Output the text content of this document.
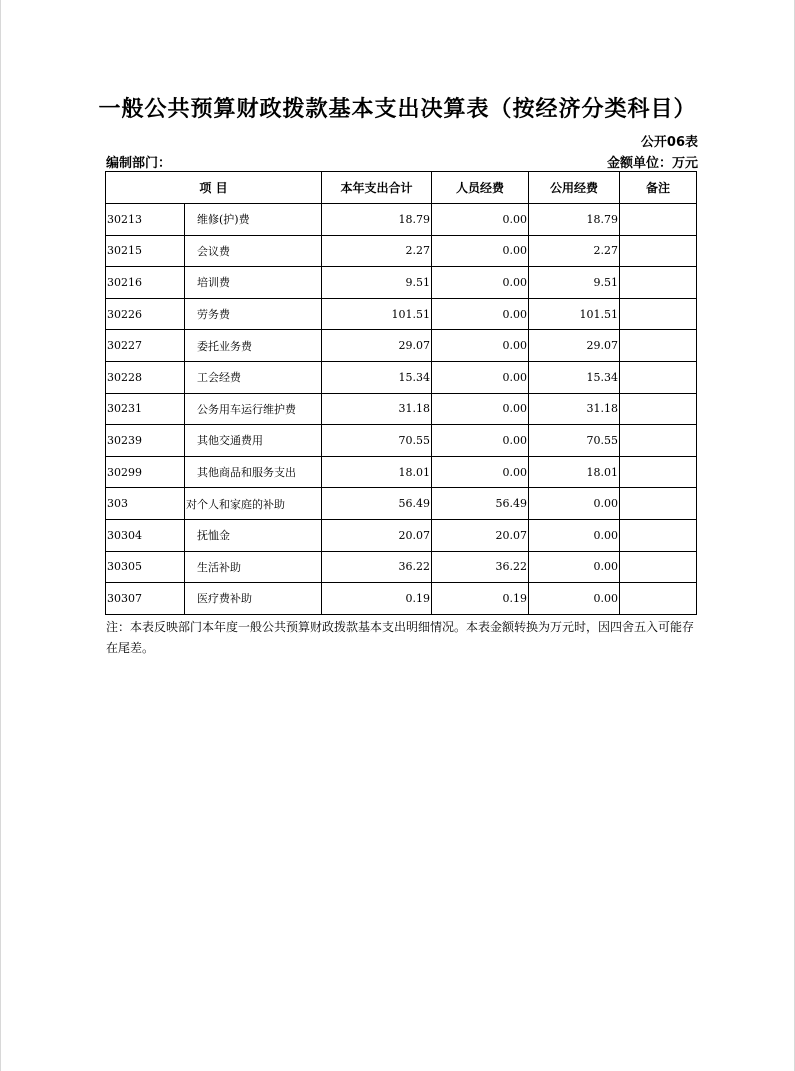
一般公共预算财政拨款基本支出决算表（按经济分类科目）
公开06表
编制部门：	金额单位：万元
项 目		本年支出合计	人员经费	公用经费	备注
30213	维修(护)费	18.79	0.00	18.79	
30215	会议费	2.27	0.00	2.27	
30216	培训费	9.51	0.00	9.51	
30226	劳务费	101.51	0.00	101.51	
30227	委托业务费	29.07	0.00	29.07	
30228	工会经费	15.34	0.00	15.34	
30231	公务用车运行维护费	31.18	0.00	31.18	
30239	其他交通费用	70.55	0.00	70.55	
30299	其他商品和服务支出	18.01	0.00	18.01	
303	对个人和家庭的补助	56.49	56.49	0.00	
30304	抚恤金	20.07	20.07	0.00	
30305	生活补助	36.22	36.22	0.00	
30307	医疗费补助	0.19	0.19	0.00	
注：本表反映部门本年度一般公共预算财政拨款基本支出明细情况。本表金额转换为万元时，因四舍五入可能存在尾差。
